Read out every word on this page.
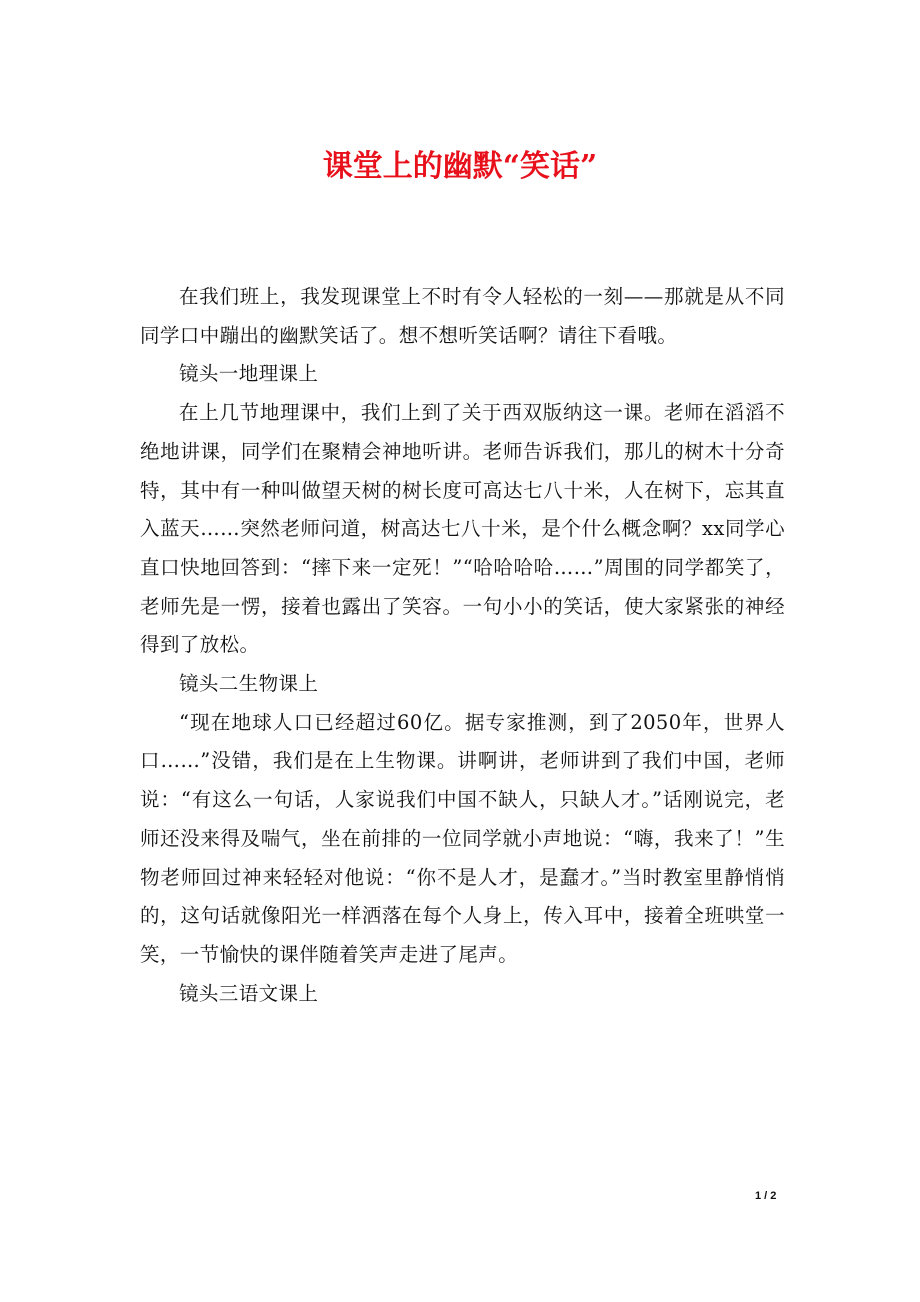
课堂上的幽默“笑话”

在我们班上，我发现课堂上不时有令人轻松的一刻——那就是从不同同学口中蹦出的幽默笑话了。想不想听笑话啊？请往下看哦。

镜头一地理课上

在上几节地理课中，我们上到了关于西双版纳这一课。老师在滔滔不绝地讲课，同学们在聚精会神地听讲。老师告诉我们，那儿的树木十分奇特，其中有一种叫做望天树的树长度可高达七八十米，人在树下，忘其直入蓝天……突然老师问道，树高达七八十米，是个什么概念啊？xx同学心直口快地回答到：“摔下来一定死！”“哈哈哈哈……”周围的同学都笑了，老师先是一愣，接着也露出了笑容。一句小小的笑话，使大家紧张的神经得到了放松。

镜头二生物课上

“现在地球人口已经超过60亿。据专家推测，到了2050年，世界人口……”没错，我们是在上生物课。讲啊讲，老师讲到了我们中国，老师说：“有这么一句话，人家说我们中国不缺人，只缺人才。”话刚说完，老师还没来得及喘气，坐在前排的一位同学就小声地说：“嗨，我来了！”生物老师回过神来轻轻对他说：“你不是人才，是蠢才。”当时教室里静悄悄的，这句话就像阳光一样洒落在每个人身上，传入耳中，接着全班哄堂一笑，一节愉快的课伴随着笑声走进了尾声。

镜头三语文课上

1 / 2
